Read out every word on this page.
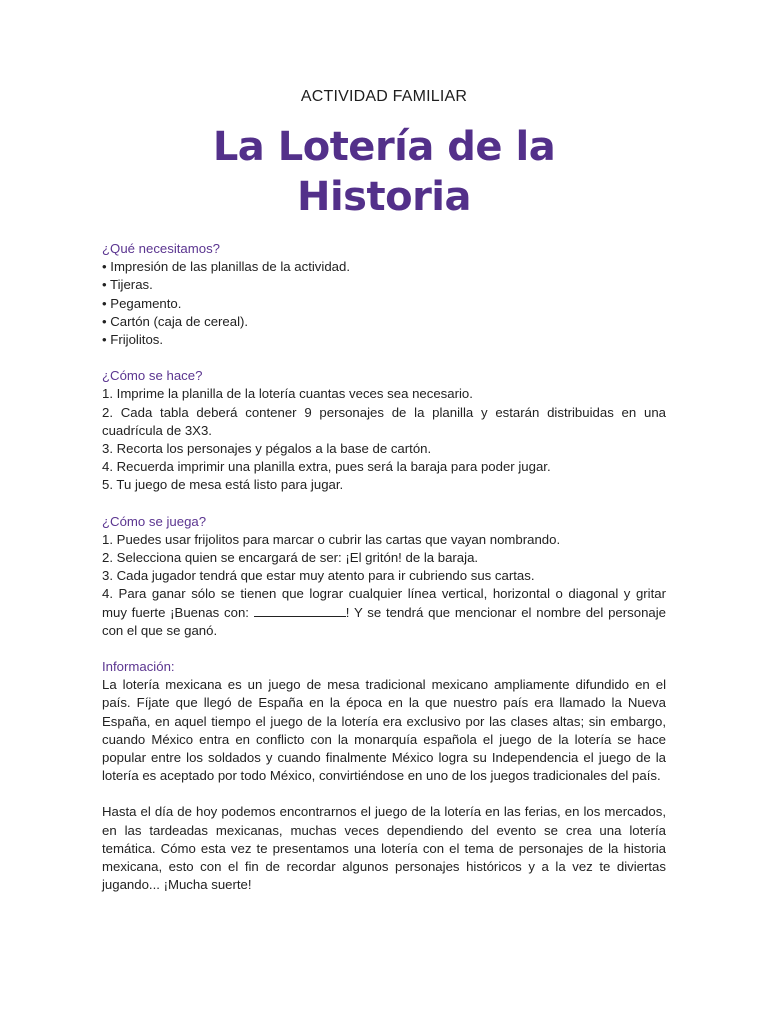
ACTIVIDAD FAMILIAR
La Lotería de la
Historia

¿Qué necesitamos?

• Impresión de las planillas de la actividad.

• Tijeras.

• Pegamento.

• Cartón (caja de cereal).

• Frijolitos.

¿Cómo se hace?

1. Imprime la planilla de la lotería cuantas veces sea necesario.

2. Cada tabla deberá contener 9 personajes de la planilla y estarán distribuidas en una cuadrícula de 3X3.

3. Recorta los personajes y pégalos a la base de cartón.

4. Recuerda imprimir una planilla extra, pues será la baraja para poder jugar.

5. Tu juego de mesa está listo para jugar.

¿Cómo se juega?

1. Puedes usar frijolitos para marcar o cubrir las cartas que vayan nombrando.

2. Selecciona quien se encargará de ser: ¡El gritón! de la baraja.

3. Cada jugador tendrá que estar muy atento para ir cubriendo sus cartas.

4. Para ganar sólo se tienen que lograr cualquier línea vertical, horizontal o diagonal y gritar muy fuerte ¡Buenas con:	! Y se tendrá que mencionar el nombre del personaje con el que se ganó.

Información:

La lotería mexicana es un juego de mesa tradicional mexicano ampliamente difundido en el país. Fíjate que llegó de España en la época en la que nuestro país era llamado la Nueva España, en aquel tiempo el juego de la lotería era exclusivo por las clases altas; sin embargo, cuando México entra en conflicto con la monarquía española el juego de la lotería se hace popular entre los soldados y cuando finalmente México logra su Independencia el juego de la lotería es aceptado por todo México, convirtiéndose en uno de los juegos tradicionales del país.

Hasta el día de hoy podemos encontrarnos el juego de la lotería en las ferias, en los mercados, en las tardeadas mexicanas, muchas veces dependiendo del evento se crea una lotería temática. Cómo esta vez te presentamos una lotería con el tema de personajes de la historia mexicana, esto con el fin de recordar algunos personajes históricos y a la vez te diviertas jugando... ¡Mucha suerte!
